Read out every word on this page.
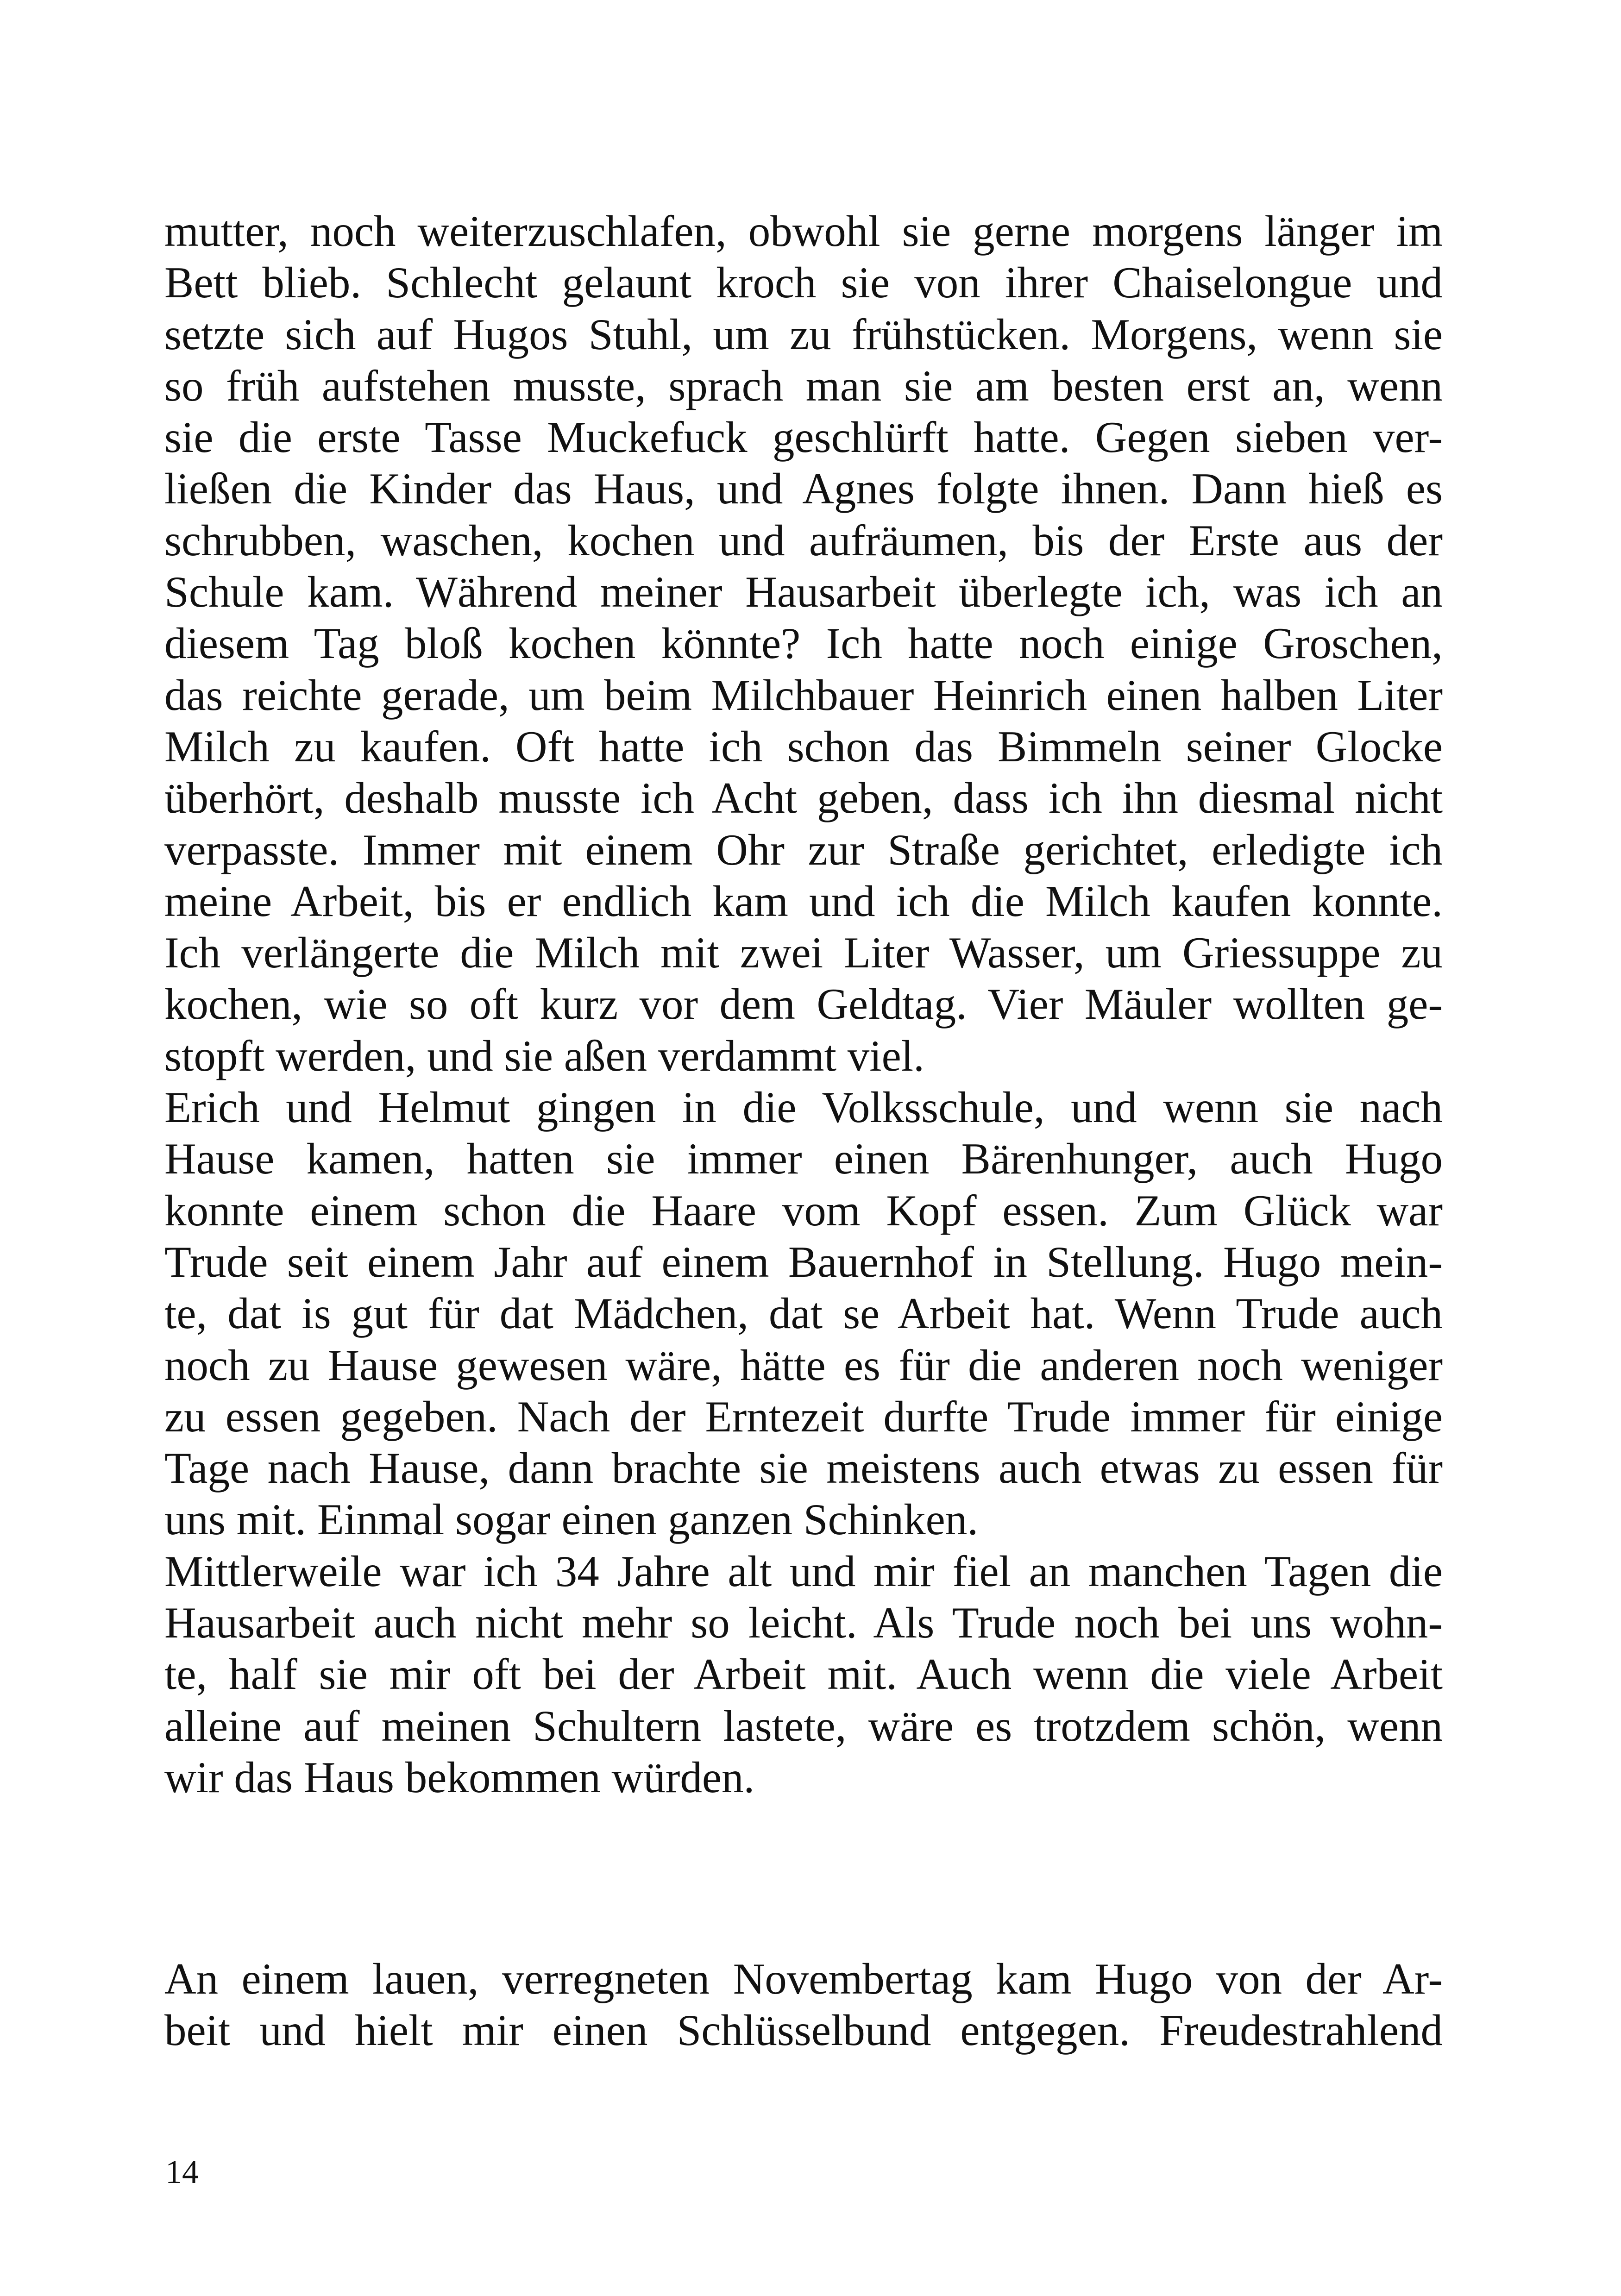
mutter, noch weiterzuschlafen, obwohl sie gerne morgens länger im
Bett blieb. Schlecht gelaunt kroch sie von ihrer Chaiselongue und
setzte sich auf Hugos Stuhl, um zu frühstücken. Morgens, wenn sie
so früh aufstehen musste, sprach man sie am besten erst an, wenn
sie die erste Tasse Muckefuck geschlürft hatte. Gegen sieben ver-
ließen die Kinder das Haus, und Agnes folgte ihnen. Dann hieß es
schrubben, waschen, kochen und aufräumen, bis der Erste aus der
Schule kam. Während meiner Hausarbeit überlegte ich, was ich an
diesem Tag bloß kochen könnte? Ich hatte noch einige Groschen,
das reichte gerade, um beim Milchbauer Heinrich einen halben Liter
Milch zu kaufen. Oft hatte ich schon das Bimmeln seiner Glocke
überhört, deshalb musste ich Acht geben, dass ich ihn diesmal nicht
verpasste. Immer mit einem Ohr zur Straße gerichtet, erledigte ich
meine Arbeit, bis er endlich kam und ich die Milch kaufen konnte.
Ich verlängerte die Milch mit zwei Liter Wasser, um Griessuppe zu
kochen, wie so oft kurz vor dem Geldtag. Vier Mäuler wollten ge-
stopft werden, und sie aßen verdammt viel.
Erich und Helmut gingen in die Volksschule, und wenn sie nach
Hause kamen, hatten sie immer einen Bärenhunger, auch Hugo
konnte einem schon die Haare vom Kopf essen. Zum Glück war
Trude seit einem Jahr auf einem Bauernhof in Stellung. Hugo mein-
te, dat is gut für dat Mädchen, dat se Arbeit hat. Wenn Trude auch
noch zu Hause gewesen wäre, hätte es für die anderen noch weniger
zu essen gegeben. Nach der Erntezeit durfte Trude immer für einige
Tage nach Hause, dann brachte sie meistens auch etwas zu essen für
uns mit. Einmal sogar einen ganzen Schinken.
Mittlerweile war ich 34 Jahre alt und mir fiel an manchen Tagen die
Hausarbeit auch nicht mehr so leicht. Als Trude noch bei uns wohn-
te, half sie mir oft bei der Arbeit mit. Auch wenn die viele Arbeit
alleine auf meinen Schultern lastete, wäre es trotzdem schön, wenn
wir das Haus bekommen würden.
An einem lauen, verregneten Novembertag kam Hugo von der Ar-
beit und hielt mir einen Schlüsselbund entgegen. Freudestrahlend
14
